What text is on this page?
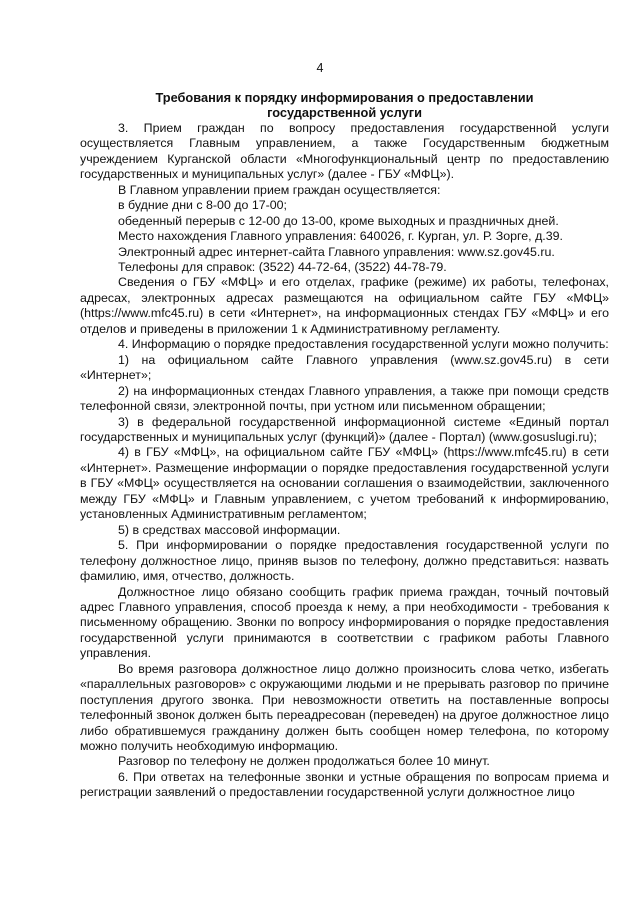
4

Требования к порядку информирования о предоставлении
государственной услуги

3. Прием граждан по вопросу предоставления государственной услуги осуществляется Главным управлением, а также Государственным бюджетным учреждением Курганской области «Многофункциональный центр по предоставлению государственных и муниципальных услуг» (далее - ГБУ «МФЦ»).

В Главном управлении прием граждан осуществляется:

в будние дни с 8-00 до 17-00;

обеденный перерыв с 12-00 до 13-00, кроме выходных и праздничных дней.

Место нахождения Главного управления: 640026, г. Курган, ул. Р. Зорге, д.39.

Электронный адрес интернет-сайта Главного управления: www.sz.gov45.ru.

Телефоны для справок: (3522) 44-72-64, (3522) 44-78-79.

Сведения о ГБУ «МФЦ» и его отделах, графике (режиме) их работы, телефонах, адресах, электронных адресах размещаются на официальном сайте ГБУ «МФЦ» (https://www.mfc45.ru) в сети «Интернет», на информационных стендах ГБУ «МФЦ» и его отделов и приведены в приложении 1 к Административному регламенту.

4. Информацию о порядке предоставления государственной услуги можно получить:

1) на официальном сайте Главного управления (www.sz.gov45.ru) в сети «Интернет»;

2) на информационных стендах Главного управления, а также при помощи средств телефонной связи, электронной почты, при устном или письменном обращении;

3) в федеральной государственной информационной системе «Единый портал государственных и муниципальных услуг (функций)» (далее - Портал) (www.gosuslugi.ru);

4) в ГБУ «МФЦ», на официальном сайте ГБУ «МФЦ» (https://www.mfc45.ru) в сети «Интернет». Размещение информации о порядке предоставления государственной услуги в ГБУ «МФЦ» осуществляется на основании соглашения о взаимодействии, заключенного между ГБУ «МФЦ» и Главным управлением, с учетом требований к информированию, установленных Административным регламентом;

5) в средствах массовой информации.

5. При информировании о порядке предоставления государственной услуги по телефону должностное лицо, приняв вызов по телефону, должно представиться: назвать фамилию, имя, отчество, должность.

Должностное лицо обязано сообщить график приема граждан, точный почтовый адрес Главного управления, способ проезда к нему, а при необходимости - требования к письменному обращению. Звонки по вопросу информирования о порядке предоставления государственной услуги принимаются в соответствии с графиком работы Главного управления.

Во время разговора должностное лицо должно произносить слова четко, избегать «параллельных разговоров» с окружающими людьми и не прерывать разговор по причине поступления другого звонка. При невозможности ответить на поставленные вопросы телефонный звонок должен быть переадресован (переведен) на другое должностное лицо либо обратившемуся гражданину должен быть сообщен номер телефона, по которому можно получить необходимую информацию.

Разговор по телефону не должен продолжаться более 10 минут.

6. При ответах на телефонные звонки и устные обращения по вопросам приема и регистрации заявлений о предоставлении государственной услуги должностное лицо
